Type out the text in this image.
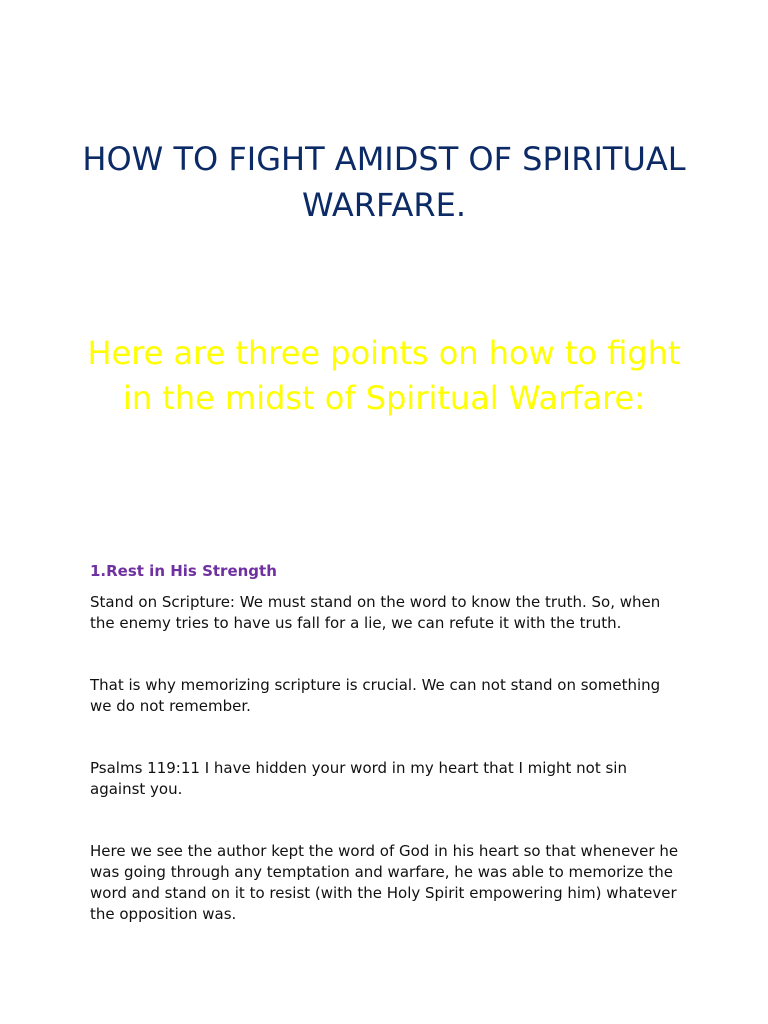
HOW TO FIGHT AMIDST OF SPIRITUAL WARFARE.
Here are three points on how to fight in the midst of Spiritual Warfare:
1.Rest in His Strength

Stand on Scripture: We must stand on the word to know the truth. So, when the enemy tries to have us fall for a lie, we can refute it with the truth.

That is why memorizing scripture is crucial. We can not stand on something we do not remember.

Psalms 119:11 I have hidden your word in my heart that I might not sin against you.

Here we see the author kept the word of God in his heart so that whenever he was going through any temptation and warfare, he was able to memorize the word and stand on it to resist (with the Holy Spirit empowering him) whatever the opposition was.
